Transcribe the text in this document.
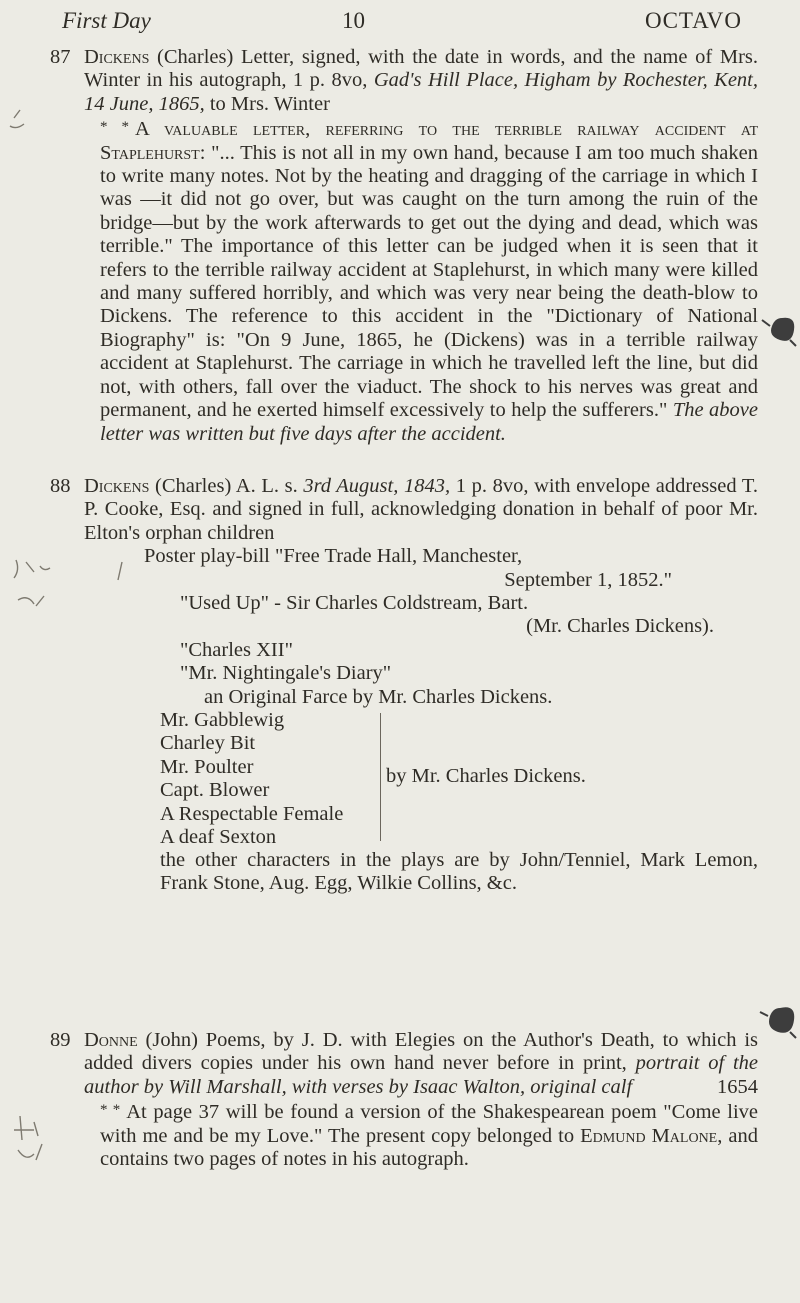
First Day	10	OCTAVO
87 Dickens (Charles) Letter, signed, with the date in words, and the name of Mrs. Winter in his autograph, 1 p. 8vo, Gad's Hill Place, Higham by Rochester, Kent, 14 June, 1865, to Mrs. Winter
* * A valuable letter, referring to the terrible railway accident at Staplehurst: "... This is not all in my own hand, because I am too much shaken to write many notes. Not by the heating and dragging of the carriage in which I was —it did not go over, but was caught on the turn among the ruin of the bridge—but by the work afterwards to get out the dying and dead, which was terrible." The importance of this letter can be judged when it is seen that it refers to the terrible railway accident at Staplehurst, in which many were killed and many suffered horribly, and which was very near being the death-blow to Dickens. The reference to this accident in the "Dictionary of National Biography" is: "On 9 June, 1865, he (Dickens) was in a terrible railway accident at Staplehurst. The carriage in which he travelled left the line, but did not, with others, fall over the viaduct. The shock to his nerves was great and permanent, and he exerted himself excessively to help the sufferers." The above letter was written but five days after the accident.
88 Dickens (Charles) A. L. s. 3rd August, 1843, 1 p. 8vo, with envelope addressed T. P. Cooke, Esq. and signed in full, acknowledging donation in behalf of poor Mr. Elton's orphan children
Poster play-bill "Free Trade Hall, Manchester,
September 1, 1852."
"Used Up" - Sir Charles Coldstream, Bart.
(Mr. Charles Dickens).
"Charles XII"
"Mr. Nightingale's Diary"
an Original Farce by Mr. Charles Dickens.
Mr. Gabblewig
Charley Bit
Mr. Poulter
Capt. Blower
A Respectable Female
A deaf Sexton
by Mr. Charles Dickens.
the other characters in the plays are by John/Tenniel, Mark Lemon, Frank Stone, Aug. Egg, Wilkie Collins, &c.
89 Donne (John) Poems, by J. D. with Elegies on the Author's Death, to which is added divers copies under his own hand never before in print, portrait of the author by Will Marshall, with verses by Isaac Walton, original calf	1654
* * At page 37 will be found a version of the Shakespearean poem "Come live with me and be my Love." The present copy belonged to Edmund Malone, and contains two pages of notes in his autograph.
